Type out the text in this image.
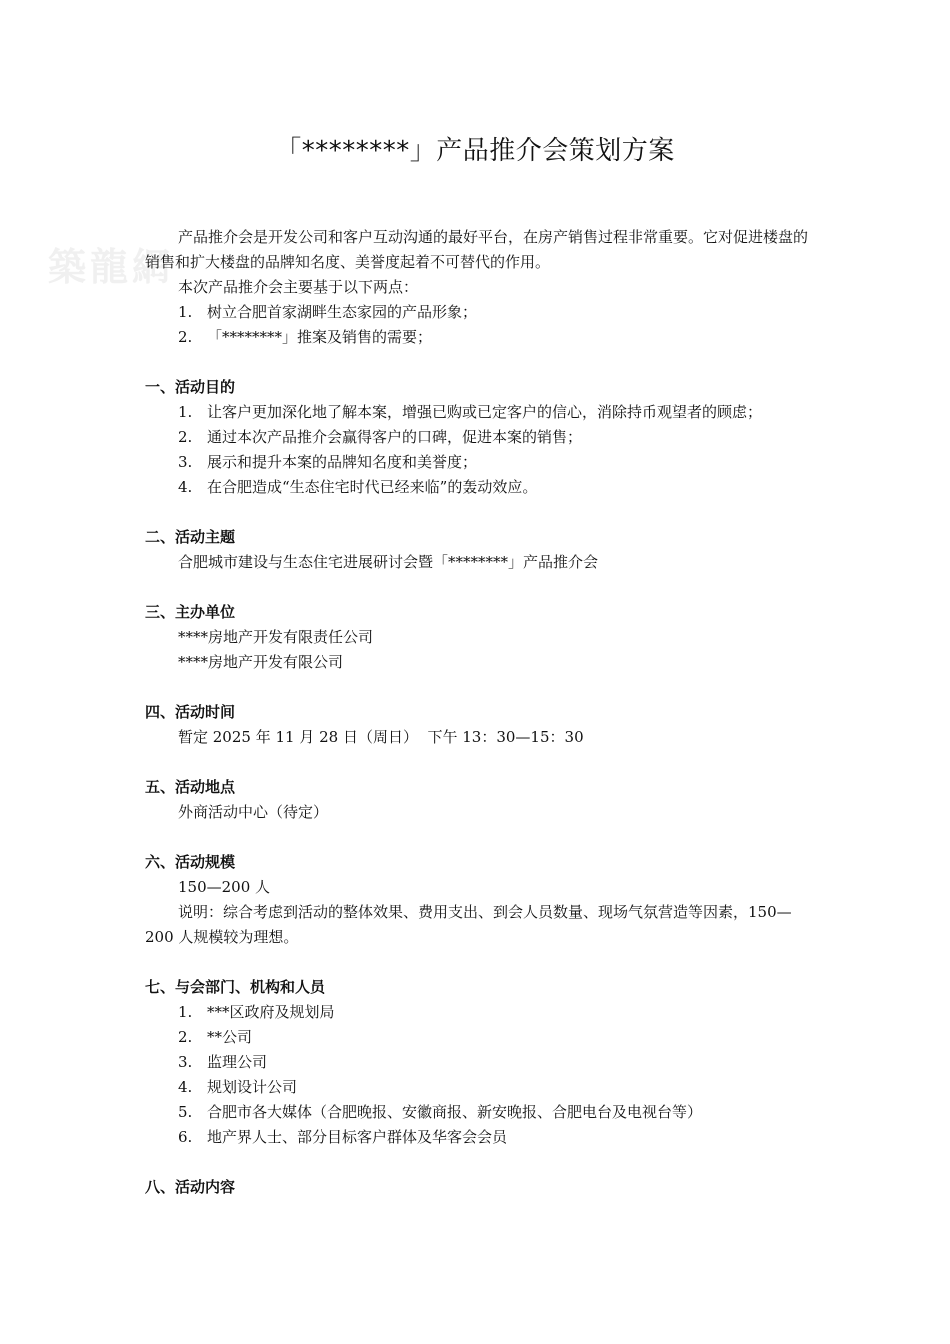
築龍網
「********」产品推介会策划方案

产品推介会是开发公司和客户互动沟通的最好平台，在房产销售过程非常重要。它对促进楼盘的销售和扩大楼盘的品牌知名度、美誉度起着不可替代的作用。

本次产品推介会主要基于以下两点：

1. 树立合肥首家湖畔生态家园的产品形象；
2. 「********」推案及销售的需要；

一、活动目的

1. 让客户更加深化地了解本案，增强已购或已定客户的信心，消除持币观望者的顾虑；
2. 通过本次产品推介会赢得客户的口碑，促进本案的销售；
3. 展示和提升本案的品牌知名度和美誉度；
4. 在合肥造成“生态住宅时代已经来临”的轰动效应。

二、活动主题

合肥城市建设与生态住宅进展研讨会暨「********」产品推介会

三、主办单位

****房地产开发有限责任公司

****房地产开发有限公司

四、活动时间

暂定 2025 年 11 月 28 日（周日）  下午 13：30—15：30

五、活动地点

外商活动中心（待定）

六、活动规模

150—200 人

说明：综合考虑到活动的整体效果、费用支出、到会人员数量、现场气氛营造等因素，150—200 人规模较为理想。

七、与会部门、机构和人员

1. ***区政府及规划局
2. **公司
3. 监理公司
4. 规划设计公司
5. 合肥市各大媒体（合肥晚报、安徽商报、新安晚报、合肥电台及电视台等）
6. 地产界人士、部分目标客户群体及华客会会员

八、活动内容
